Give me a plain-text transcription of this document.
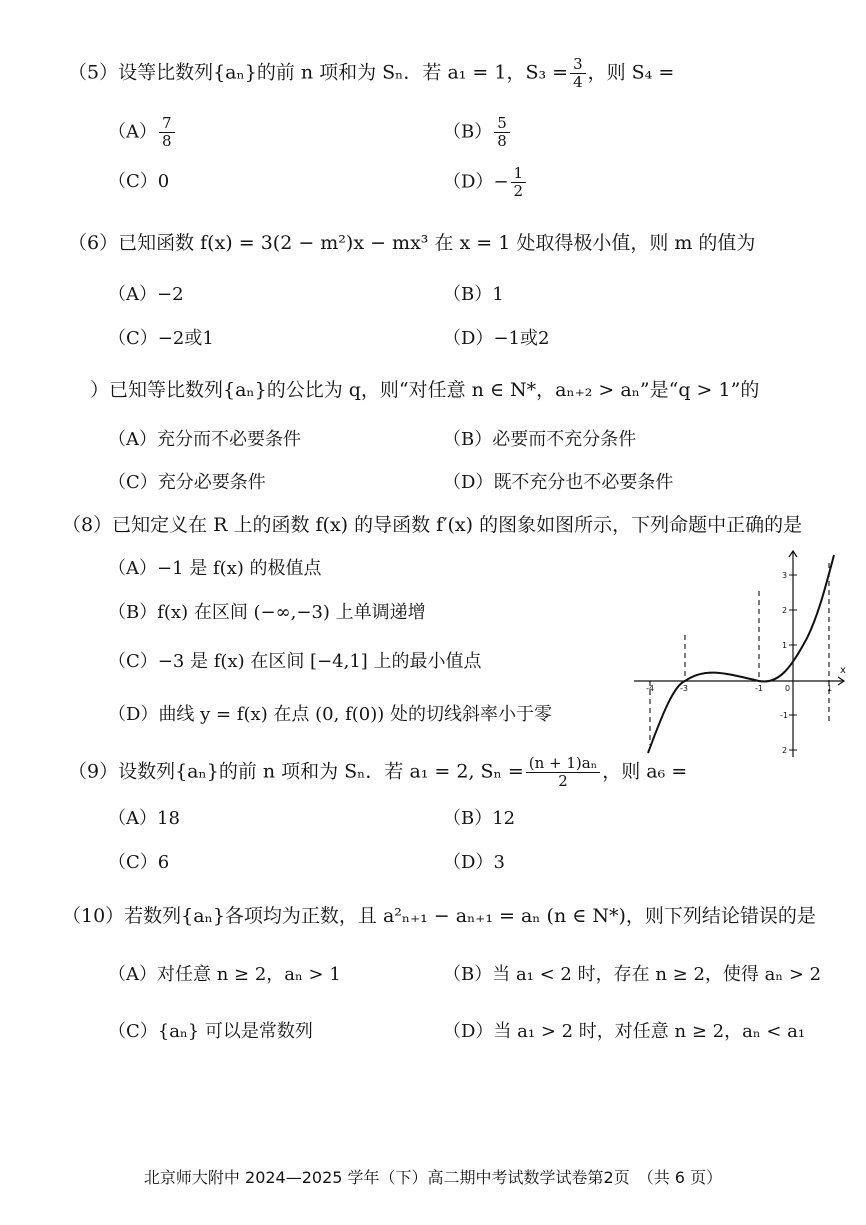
（5）设等比数列{aₙ}的前 n 项和为 Sₙ．若 a₁ = 1，$S_3 = \frac{3}{4}$ ，则 S₄ =
$(A) \frac{7}{8}$	$(B) \frac{5}{8}$
（C）0	$(D)- \frac{1}{2}$
（6）已知函数 f(x) = 3(2 − m²)x − mx³ 在 x = 1 处取得极小值，则 m 的值为
（A）−2	（B）1
（C）−2或1	（D）−1或2
）已知等比数列{aₙ}的公比为 q，则“对任意 n ∈ N*，aₙ₊₂ > aₙ”是“q > 1”的
（A）充分而不必要条件	（B）必要而不充分条件
（C）充分必要条件	（D）既不充分也不必要条件
（8）已知定义在 R 上的函数 f(x) 的导函数 f′(x) 的图象如图所示，下列命题中正确的是
（A）−1 是 f(x) 的极值点
（B）f(x) 在区间 (−∞,−3) 上单调递增
（C）−3 是 f(x) 在区间 [−4,1] 上的最小值点
（D）曲线 y = f(x) 在点 (0, f(0)) 处的切线斜率小于零
-4	-3	-1	0	1
3
2
1
-1
2
x
（9）设数列{aₙ}的前 n 项和为 Sₙ．若 a₁ = 2, $S_n = \frac{\text{(n + 1)aₙ}}{2}$ ，则 a₆ =
（A）18	（B）12
（C）6	（D）3
（10）若数列{aₙ}各项均为正数，且 a²ₙ₊₁ − aₙ₊₁ = aₙ (n ∈ N*)，则下列结论错误的是
（A）对任意 n ≥ 2，aₙ > 1	（B）当 a₁ < 2 时，存在 n ≥ 2，使得 aₙ > 2
（C）{aₙ} 可以是常数列	（D）当 a₁ > 2 时，对任意 n ≥ 2，aₙ < a₁
北京师大附中 2024—2025 学年（下）高二期中考试数学试卷第2页　（共 6 页）
